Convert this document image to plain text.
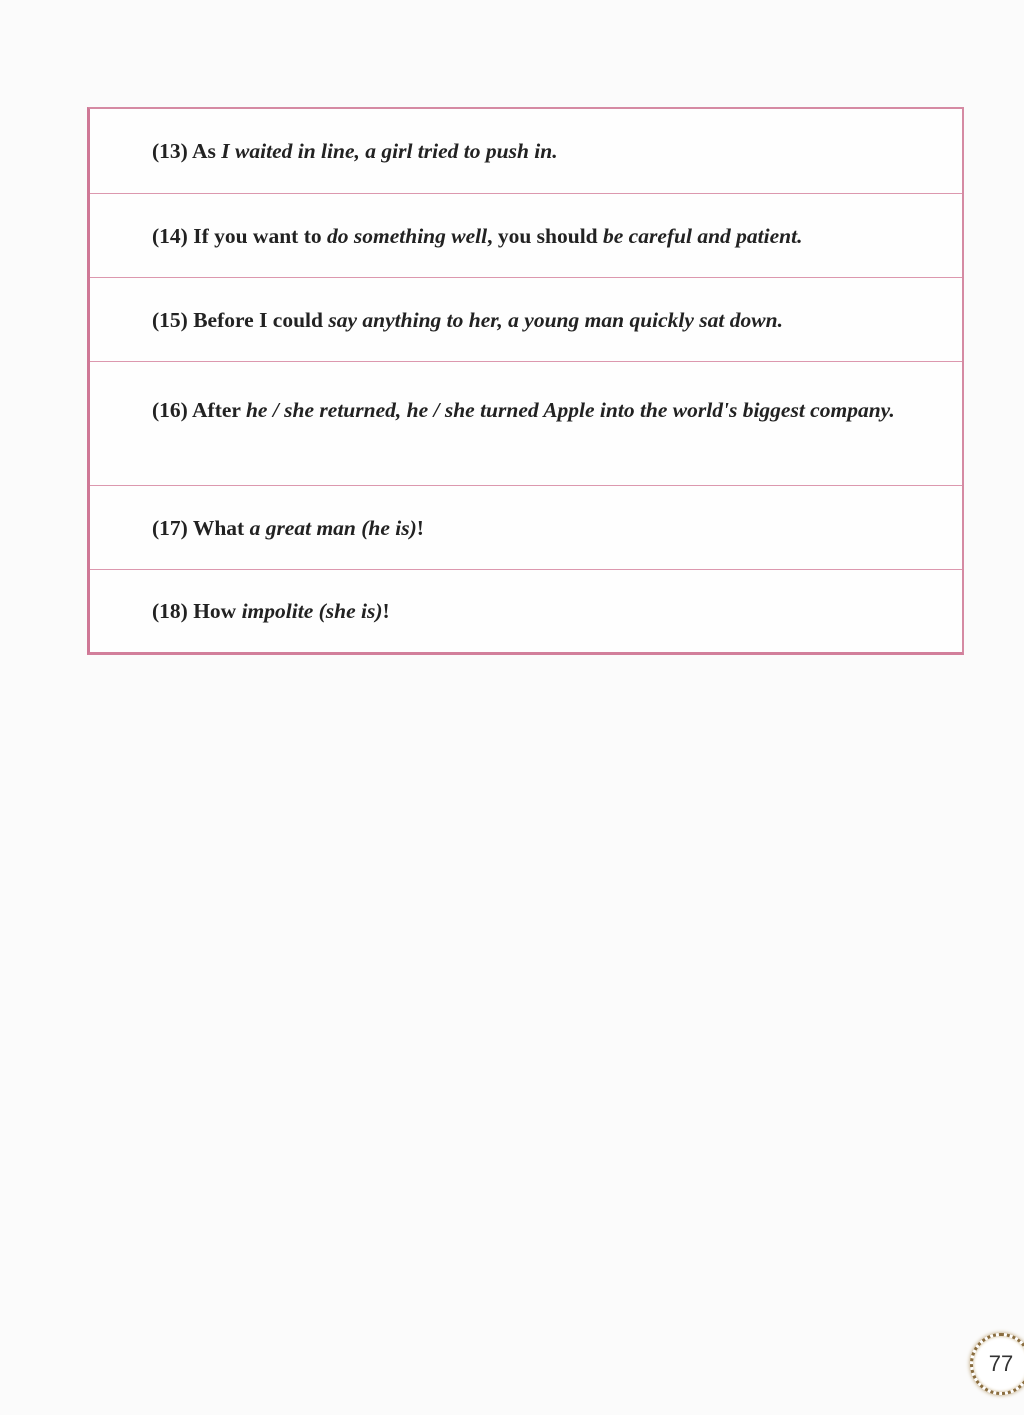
(13) As I waited in line, a girl tried to push in.
(14) If you want to do something well, you should be careful and patient.
(15) Before I could say anything to her, a young man quickly sat down.
(16) After he / she returned, he / she turned Apple into the world's biggest company.
(17) What a great man (he is)!
(18) How impolite (she is)!
77
